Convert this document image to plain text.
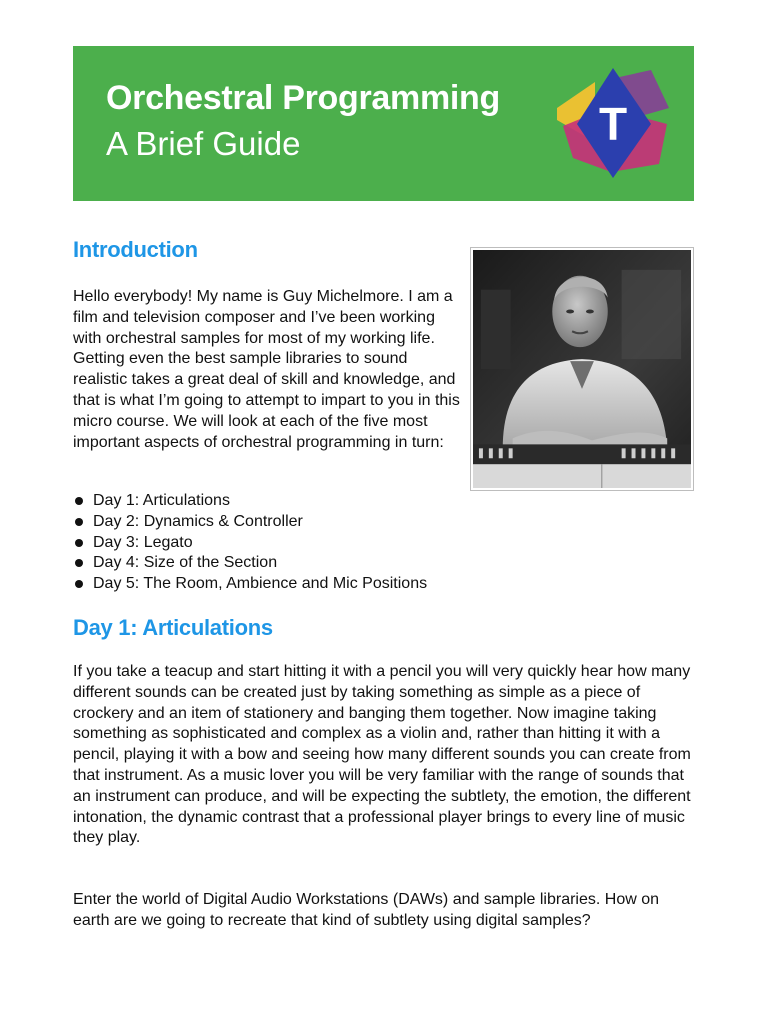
Orchestral Programming
A Brief Guide	T
Introduction

Hello everybody! My name is Guy Michelmore. I am a film and television composer and I’ve been working with orchestral samples for most of my working life. Getting even the best sample libraries to sound realistic takes a great deal of skill and knowledge, and that is what I’m going to attempt to impart to you in this micro course. We will look at each of the five most important aspects of orchestral programming in turn:

Day 1: Articulations
Day 2: Dynamics & Controller
Day 3: Legato
Day 4: Size of the Section
Day 5: The Room, Ambience and Mic Positions
Day 1: Articulations

If you take a teacup and start hitting it with a pencil you will very quickly hear how many different sounds can be created just by taking something as simple as a piece of crockery and an item of stationery and banging them together. Now imagine taking something as sophisticated and complex as a violin and, rather than hitting it with a pencil, playing it with a bow and seeing how many different sounds you can create from that instrument. As a music lover you will be very familiar with the range of sounds that an instrument can produce, and will be expecting the subtlety, the emotion, the different intonation, the dynamic contrast that a professional player brings to every line of music they play.

Enter the world of Digital Audio Workstations (DAWs) and sample libraries. How on earth are we going to recreate that kind of subtlety using digital samples?
